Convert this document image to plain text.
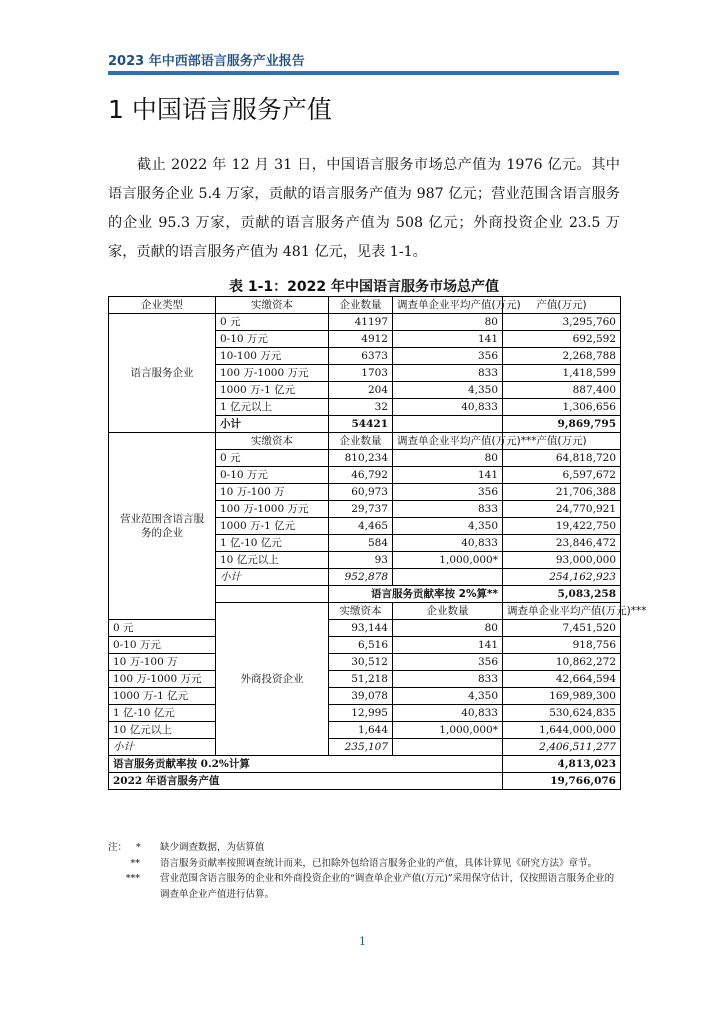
2023 年中西部语言服务产业报告
1 中国语言服务产值

截止 2022 年 12 月 31 日，中国语言服务市场总产值为 1976 亿元。其中语言服务企业 5.4 万家，贡献的语言服务产值为 987 亿元；营业范围含语言服务的企业 95.3 万家，贡献的语言服务产值为 508 亿元；外商投资企业 23.5 万家，贡献的语言服务产值为 481 亿元，见表 1-1。

表 1-1：2022 年中国语言服务市场总产值
企业类型	实缴资本	企业数量	调查单企业平均产值(万元)	产值(万元)	
语言服务企业	0 元	41197	80	3,295,760	
	0-10 万元	4912	141	692,592	
	10-100 万元	6373	356	2,268,788	
	100 万-1000 万元	1703	833	1,418,599	
	1000 万-1 亿元	204	4,350	887,400	
	1 亿元以上	32	40,833	1,306,656	
	小计	54421		9,869,795	
营业范围含语言服务的企业	实缴资本	企业数量	调查单企业平均产值(万元)***	产值(万元)	
	0 元	810,234	80	64,818,720	
	0-10 万元	46,792	141	6,597,672	
	10 万-100 万	60,973	356	21,706,388	
	100 万-1000 万元	29,737	833	24,770,921	
	1000 万-1 亿元	4,465	4,350	19,422,750	
	1 亿-10 亿元	584	40,833	23,846,472	
	10 亿元以上	93	1,000,000*	93,000,000	
	小计	952,878		254,162,923	
		语言服务贡献率按 2%算**		5,083,258	
	外商投资企业	实缴资本	企业数量	调查单企业平均产值(万元)***	
0 元		93,144	80	7,451,520	
0-10 万元		6,516	141	918,756	
10 万-100 万		30,512	356	10,862,272	
100 万-1000 万元		51,218	833	42,664,594	
1000 万-1 亿元		39,078	4,350	169,989,300	
1 亿-10 亿元		12,995	40,833	530,624,835	
10 亿元以上		1,644	1,000,000*	1,644,000,000	
小计		235,107		2,406,511,277	
语言服务贡献率按 0.2%计算				4,813,023	
2022 年语言服务产值				19,766,076	
注： *	缺少调查数据，为估算值
**	语言服务贡献率按照调查统计而来，已扣除外包给语言服务企业的产值，具体计算见《研究方法》章节。
***	营业范围含语言服务的企业和外商投资企业的“调查单企业产值(万元)”采用保守估计，仅按照语言服务企业的调查单企业产值进行估算。
1
